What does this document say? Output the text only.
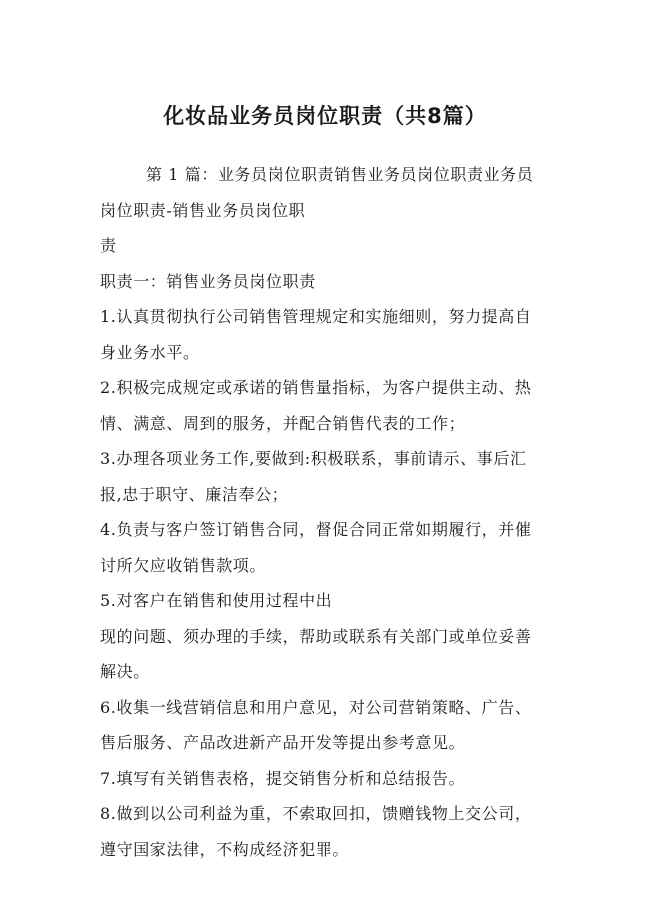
化妆品业务员岗位职责（共8篇）
第 1 篇：业务员岗位职责销售业务员岗位职责业务员
岗位职责-销售业务员岗位职
责
职责一：销售业务员岗位职责
1.认真贯彻执行公司销售管理规定和实施细则，努力提高自
身业务水平。
2.积极完成规定或承诺的销售量指标，为客户提供主动、热
情、满意、周到的服务，并配合销售代表的工作；
3.办理各项业务工作,要做到:积极联系，事前请示、事后汇
报,忠于职守、廉洁奉公；
4.负责与客户签订销售合同，督促合同正常如期履行，并催
讨所欠应收销售款项。
5.对客户在销售和使用过程中出
现的问题、须办理的手续，帮助或联系有关部门或单位妥善
解决。
6.收集一线营销信息和用户意见，对公司营销策略、广告、
售后服务、产品改进新产品开发等提出参考意见。
7.填写有关销售表格，提交销售分析和总结报告。
8.做到以公司利益为重，不索取回扣，馈赠钱物上交公司，
遵守国家法律，不构成经济犯罪。
